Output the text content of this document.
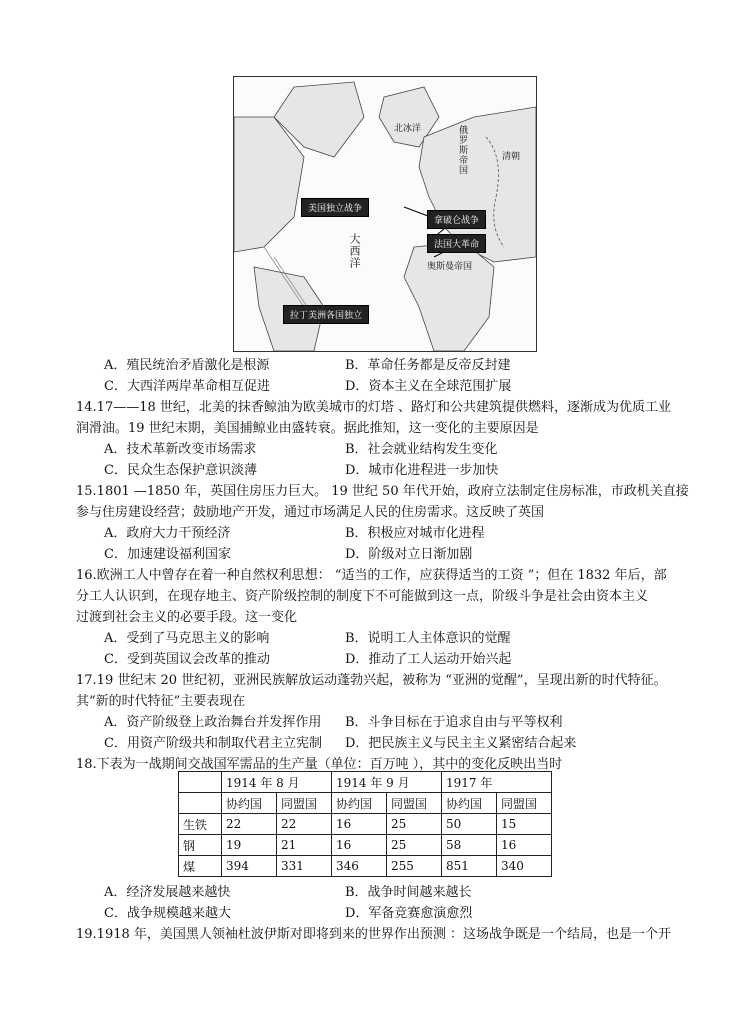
北冰洋	俄罗斯帝国
清朝
大西洋	奥斯曼帝国
美国独立战争
拿破仑战争
法国大革命
拉丁美洲各国独立
A．殖民统治矛盾激化是根源	B．革命任务都是反帝反封建
C．大西洋两岸革命相互促进	D．资本主义在全球范围扩展
14.17——18 世纪，北美的抹香鲸油为欧美城市的灯塔 、路灯和公共建筑提供燃料，逐渐成为优质工业
润滑油。19 世纪末期，美国捕鲸业由盛转衰。据此推知，这一变化的主要原因是
A．技术革新改变市场需求	B．社会就业结构发生变化
C．民众生态保护意识淡薄	D．城市化进程进一步加快
15.1801 —1850 年，英国住房压力巨大。 19 世纪 50 年代开始，政府立法制定住房标准，市政机关直接
参与住房建设经营；鼓励地产开发，通过市场满足人民的住房需求。这反映了英国
A．政府大力干预经济	B．积极应对城市化进程
C．加速建设福利国家	D．阶级对立日渐加剧
16.欧洲工人中曾存在着一种自然权利思想： “适当的工作，应获得适当的工资 ”；但在 1832 年后，部
分工人认识到，在现存地主、资产阶级控制的制度下不可能做到这一点，阶级斗争是社会由资本主义
过渡到社会主义的必要手段。这一变化
A．受到了马克思主义的影响	B．说明工人主体意识的觉醒
C．受到英国议会改革的推动	D．推动了工人运动开始兴起
17.19 世纪末 20 世纪初，亚洲民族解放运动蓬勃兴起，被称为 “亚洲的觉醒”，呈现出新的时代特征。
其“新的时代特征”主要表现在
A．资产阶级登上政治舞台并发挥作用 B．斗争目标在于追求自由与平等权利
C．用资产阶级共和制取代君主立宪制 D．把民族主义与民主主义紧密结合起来
18.下表为一战期间交战国军需品的生产量（单位：百万吨 ），其中的变化反映出当时
	1914 年 8 月		1914 年 9 月		1917 年	
	协约国	同盟国	协约国	同盟国	协约国	同盟国
生铁	22	22	16	25	50	15
钢	19	21	16	25	58	16
煤	394	331	346	255	851	340
A．经济发展越来越快	B．战争时间越来越长
C．战争规模越来越大	D．军备竞赛愈演愈烈
19.1918 年，美国黑人领袖杜波伊斯对即将到来的世界作出预测 ：这场战争既是一个结局，也是一个开
